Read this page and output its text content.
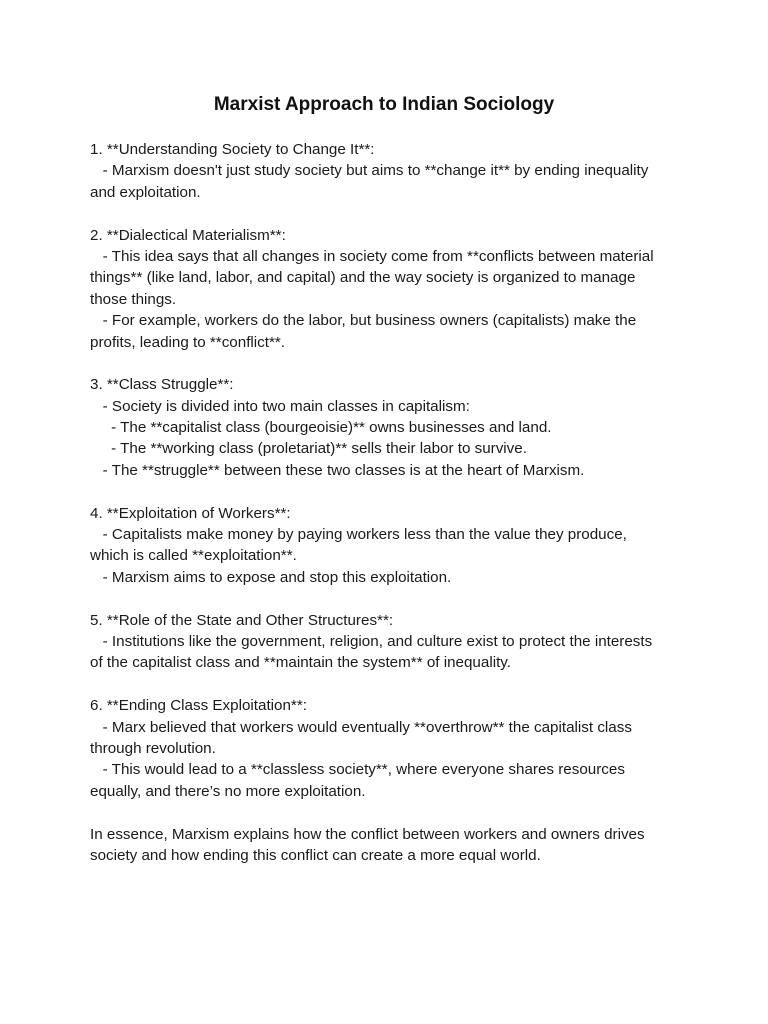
Marxist Approach to Indian Sociology
1. **Understanding Society to Change It**:
- Marxism doesn't just study society but aims to **change it** by ending inequality
and exploitation.
2. **Dialectical Materialism**:
- This idea says that all changes in society come from **conflicts between material
things** (like land, labor, and capital) and the way society is organized to manage
those things.
- For example, workers do the labor, but business owners (capitalists) make the
profits, leading to **conflict**.
3. **Class Struggle**:
- Society is divided into two main classes in capitalism:
- The **capitalist class (bourgeoisie)** owns businesses and land.
- The **working class (proletariat)** sells their labor to survive.
- The **struggle** between these two classes is at the heart of Marxism.
4. **Exploitation of Workers**:
- Capitalists make money by paying workers less than the value they produce,
which is called **exploitation**.
- Marxism aims to expose and stop this exploitation.
5. **Role of the State and Other Structures**:
- Institutions like the government, religion, and culture exist to protect the interests
of the capitalist class and **maintain the system** of inequality.
6. **Ending Class Exploitation**:
- Marx believed that workers would eventually **overthrow** the capitalist class
through revolution.
- This would lead to a **classless society**, where everyone shares resources
equally, and there’s no more exploitation.
In essence, Marxism explains how the conflict between workers and owners drives
society and how ending this conflict can create a more equal world.
